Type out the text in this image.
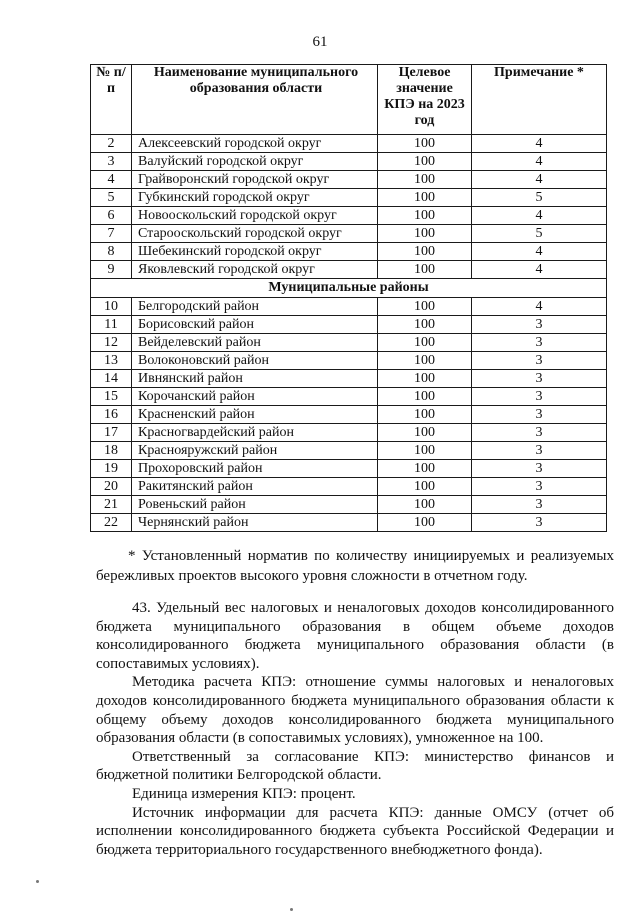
61
№ п/п	Наименование муниципального образования области	Целевое значение КПЭ на 2023 год	Примечание *
2	Алексеевский городской округ	100	4
3	Валуйский городской округ	100	4
4	Грайворонский городской округ	100	4
5	Губкинский городской округ	100	5
6	Новооскольский городской округ	100	4
7	Старооскольский городской округ	100	5
8	Шебекинский городской округ	100	4
9	Яковлевский городской округ	100	4
Муниципальные районы			
10	Белгородский район	100	4
11	Борисовский район	100	3
12	Вейделевский район	100	3
13	Волоконовский район	100	3
14	Ивнянский район	100	3
15	Корочанский район	100	3
16	Красненский район	100	3
17	Красногвардейский район	100	3
18	Краснояружский район	100	3
19	Прохоровский район	100	3
20	Ракитянский район	100	3
21	Ровеньский район	100	3
22	Чернянский район	100	3
* Установленный норматив по количеству инициируемых и реализуемых бережливых проектов высокого уровня сложности в отчетном году.

43. Удельный вес налоговых и неналоговых доходов консолидированного бюджета муниципального образования в общем объеме доходов консолидированного бюджета муниципального образования области (в сопоставимых условиях).

Методика расчета КПЭ: отношение суммы налоговых и неналоговых доходов консолидированного бюджета муниципального образования области к общему объему доходов консолидированного бюджета муниципального образования области (в сопоставимых условиях), умноженное на 100.

Ответственный за согласование КПЭ: министерство финансов и бюджетной политики Белгородской области.

Единица измерения КПЭ: процент.

Источник информации для расчета КПЭ: данные ОМСУ (отчет об исполнении консолидированного бюджета субъекта Российской Федерации и бюджета территориального государственного внебюджетного фонда).
